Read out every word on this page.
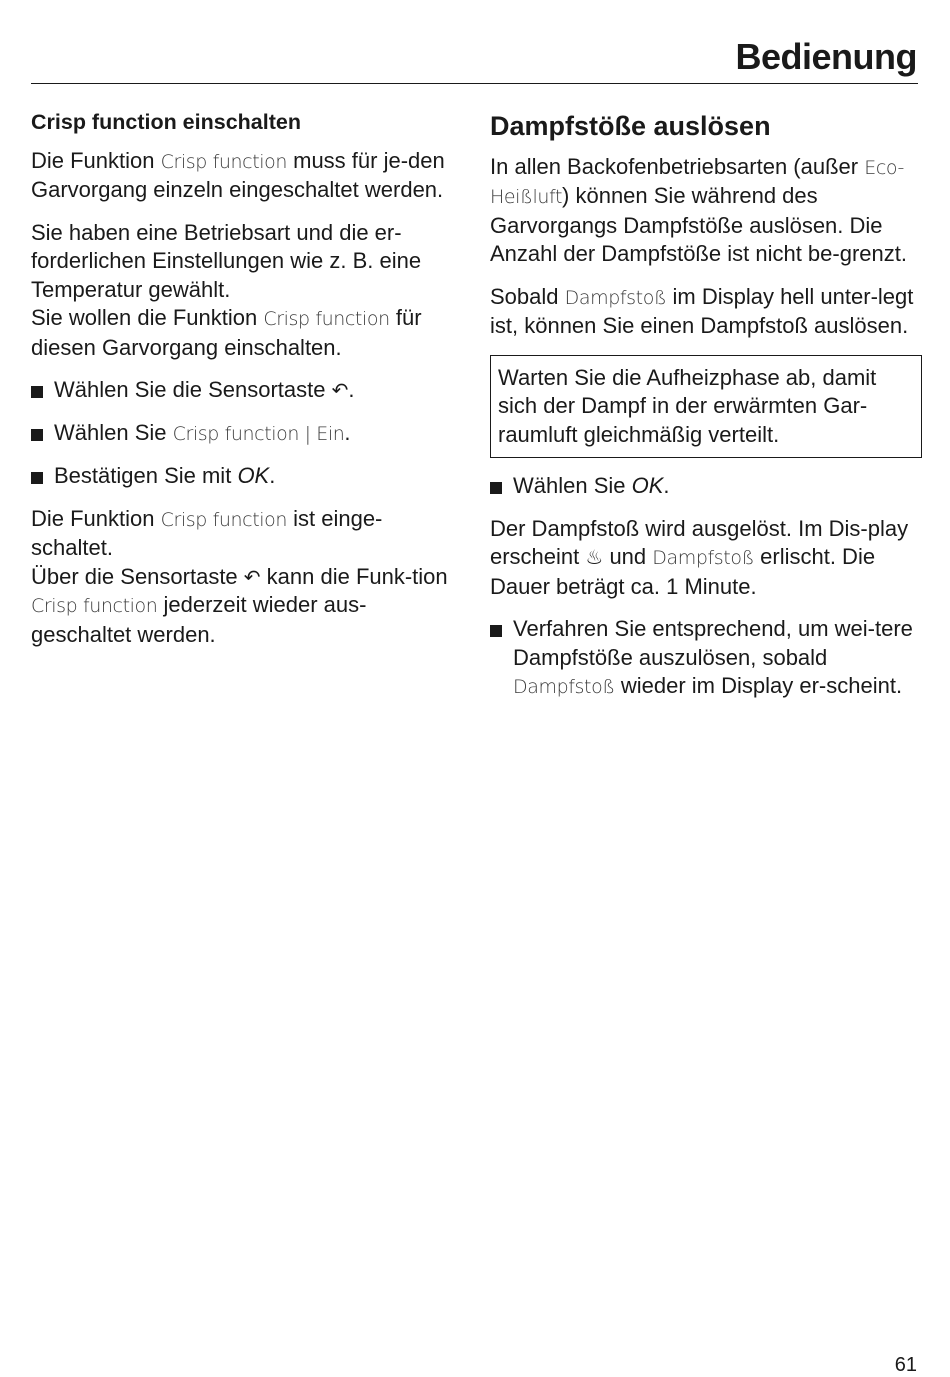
Bedienung
Crisp function einschalten

Die Funktion Crisp function muss für je-den Garvorgang einzeln eingeschaltet werden.

Sie haben eine Betriebsart und die er-forderlichen Einstellungen wie z. B. eine Temperatur gewählt.
Sie wollen die Funktion Crisp function für diesen Garvorgang einschalten.

Wählen Sie die Sensortaste ↶.
Wählen Sie Crisp function | Ein.
Bestätigen Sie mit OK.

Die Funktion Crisp function ist einge-schaltet.
Über die Sensortaste ↶ kann die Funk-tion Crisp function jederzeit wieder aus-geschaltet werden.

Dampfstöße auslösen

In allen Backofenbetriebsarten (außer Eco-Heißluft) können Sie während des Garvorgangs Dampfstöße auslösen. Die Anzahl der Dampfstöße ist nicht be-grenzt.

Sobald Dampfstoß im Display hell unter-legt ist, können Sie einen Dampfstoß auslösen.

Warten Sie die Aufheizphase ab, damit sich der Dampf in der erwärmten Gar-raumluft gleichmäßig verteilt.
Wählen Sie OK.

Der Dampfstoß wird ausgelöst. Im Dis-play erscheint ♨ und Dampfstoß erlischt. Die Dauer beträgt ca. 1 Minute.

Verfahren Sie entsprechend, um wei-tere Dampfstöße auszulösen, sobald Dampfstoß wieder im Display er-scheint.
61
